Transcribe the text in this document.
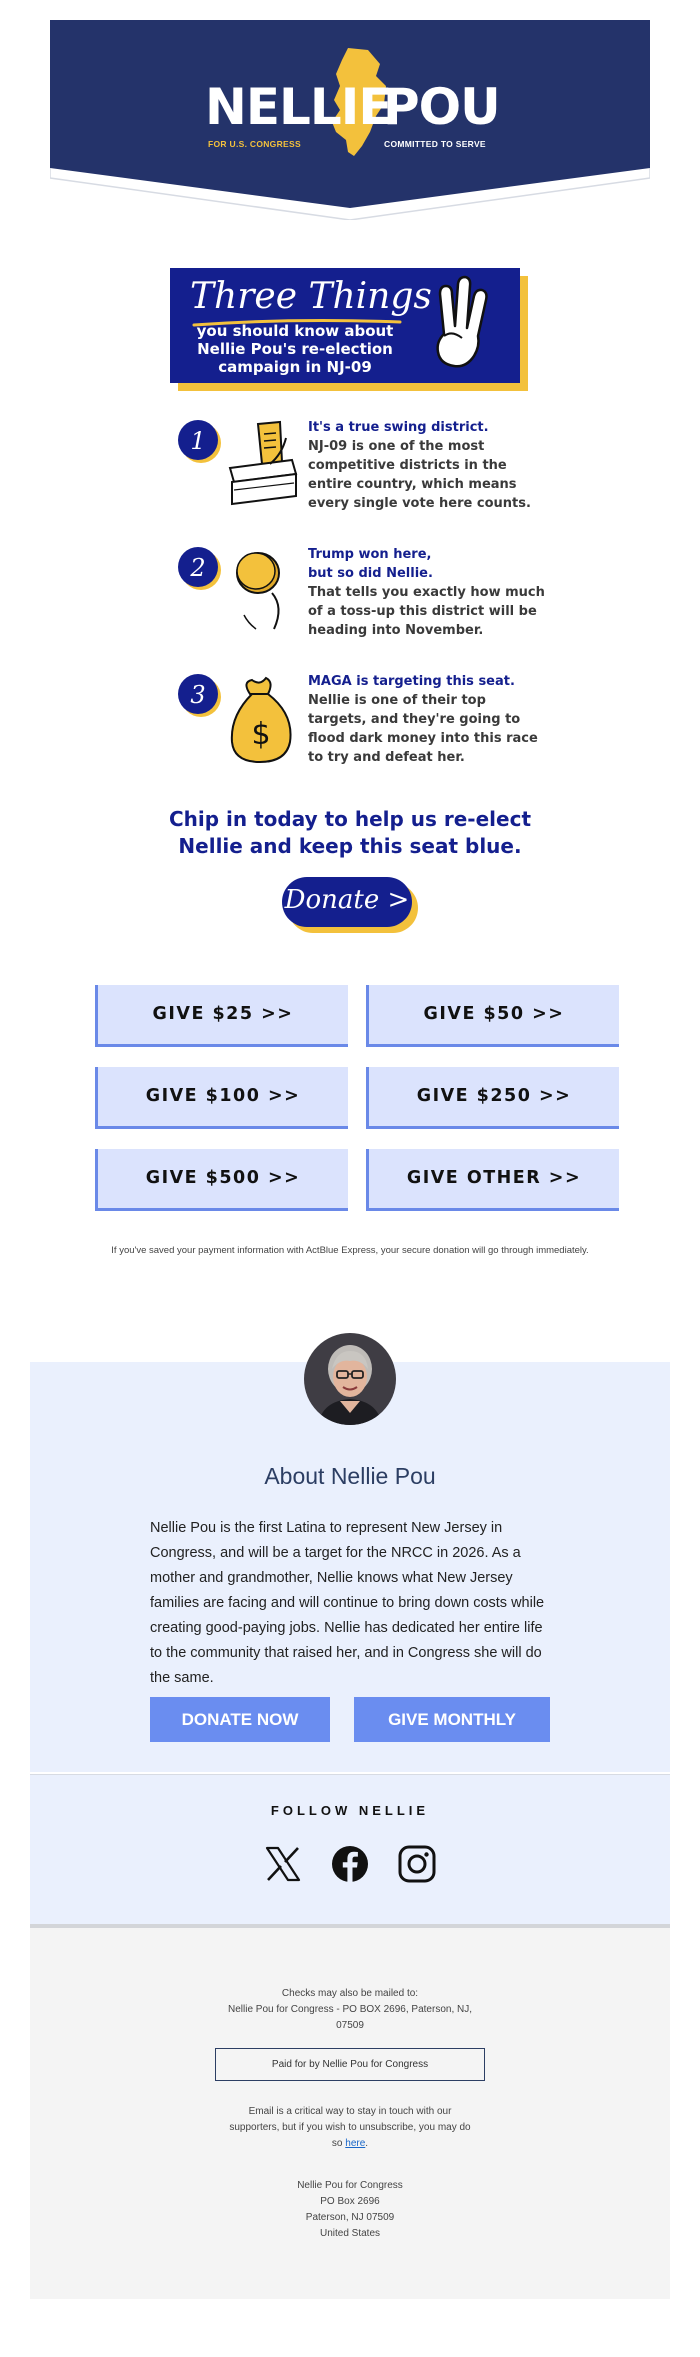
NELLIE
POU
FOR U.S. CONGRESS	COMMITTED TO SERVE
Three Things
you should know about Nellie Pou's re-election campaign in NJ-09
1	It's a true swing district.
NJ-09 is one of the most competitive districts in the entire country, which means every single vote here counts.
2	Trump won here, but so did Nellie.
That tells you exactly how much of a toss-up this district will be heading into November.
3
$
MAGA is targeting this seat.
Nellie is one of their top targets, and they're going to flood dark money into this race to try and defeat her.
Chip in today to help us re-elect Nellie and keep this seat blue.
Donate >
GIVE $25 >>	GIVE $50 >>
GIVE $100 >>	GIVE $250 >>
GIVE $500 >>	GIVE OTHER >>
If you've saved your payment information with ActBlue Express, your secure donation will go through immediately.
About Nellie Pou
Nellie Pou is the first Latina to represent New Jersey in Congress, and will be a target for the NRCC in 2026. As a mother and grandmother, Nellie knows what New Jersey families are facing and will continue to bring down costs while creating good-paying jobs. Nellie has dedicated her entire life to the community that raised her, and in Congress she will do the same.
DONATE NOW	GIVE MONTHLY
FOLLOW NELLIE
Checks may also be mailed to:
Nellie Pou for Congress - PO BOX 2696, Paterson, NJ,
07509
Paid for by Nellie Pou for Congress
Email is a critical way to stay in touch with our
supporters, but if you wish to unsubscribe, you may do
so here.
Nellie Pou for Congress
PO Box 2696
Paterson, NJ 07509
United States
